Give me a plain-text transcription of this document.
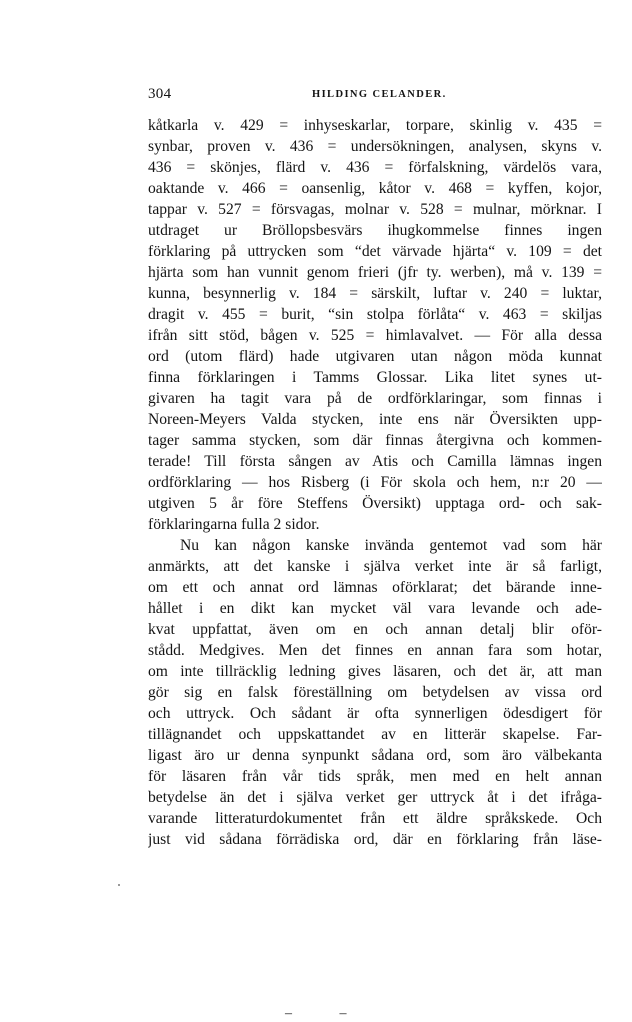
304	HILDING CELANDER.
kåtkarla v. 429 = inhyseskarlar, torpare, skinlig v. 435 =
synbar, proven v. 436 = undersökningen, analysen, skyns v.
436 = skönjes, flärd v. 436 = förfalskning, värdelös vara,
oaktande v. 466 = oansenlig, kåtor v. 468 = kyffen, kojor,
tappar v. 527 = försvagas, molnar v. 528 = mulnar, mörknar. I
utdraget ur Bröllopsbesvärs ihugkommelse finnes ingen
förklaring på uttrycken som “det värvade hjärta“ v. 109 = det
hjärta som han vunnit genom frieri (jfr ty. werben), må v. 139 =
kunna, besynnerlig v. 184 = särskilt, luftar v. 240 = luktar,
dragit v. 455 = burit, “sin stolpa förlåta“ v. 463 = skiljas
ifrån sitt stöd, bågen v. 525 = himlavalvet. — För alla dessa
ord (utom flärd) hade utgivaren utan någon möda kunnat
finna förklaringen i Tamms Glossar. Lika litet synes ut-
givaren ha tagit vara på de ordförklaringar, som finnas i
Noreen-Meyers Valda stycken, inte ens när Översikten upp-
tager samma stycken, som där finnas återgivna och kommen-
terade! Till första sången av Atis och Camilla lämnas ingen
ordförklaring — hos Risberg (i För skola och hem, n:r 20 —
utgiven 5 år före Steffens Översikt) upptaga ord- och sak-
förklaringarna fulla 2 sidor.
Nu kan någon kanske invända gentemot vad som här
anmärkts, att det kanske i själva verket inte är så farligt,
om ett och annat ord lämnas oförklarat; det bärande inne-
hållet i en dikt kan mycket väl vara levande och ade-
kvat uppfattat, även om en och annan detalj blir oför-
stådd. Medgives. Men det finnes en annan fara som hotar,
om inte tillräcklig ledning gives läsaren, och det är, att man
gör sig en falsk föreställning om betydelsen av vissa ord
och uttryck. Och sådant är ofta synnerligen ödesdigert för
tillägnandet och uppskattandet av en litterär skapelse. Far-
ligast äro ur denna synpunkt sådana ord, som äro välbekanta
för läsaren från vår tids språk, men med en helt annan
betydelse än det i själva verket ger uttryck åt i det ifråga-
varande litteraturdokumentet från ett äldre språkskede. Och
just vid sådana förrädiska ord, där en förklaring från läse-
– –
